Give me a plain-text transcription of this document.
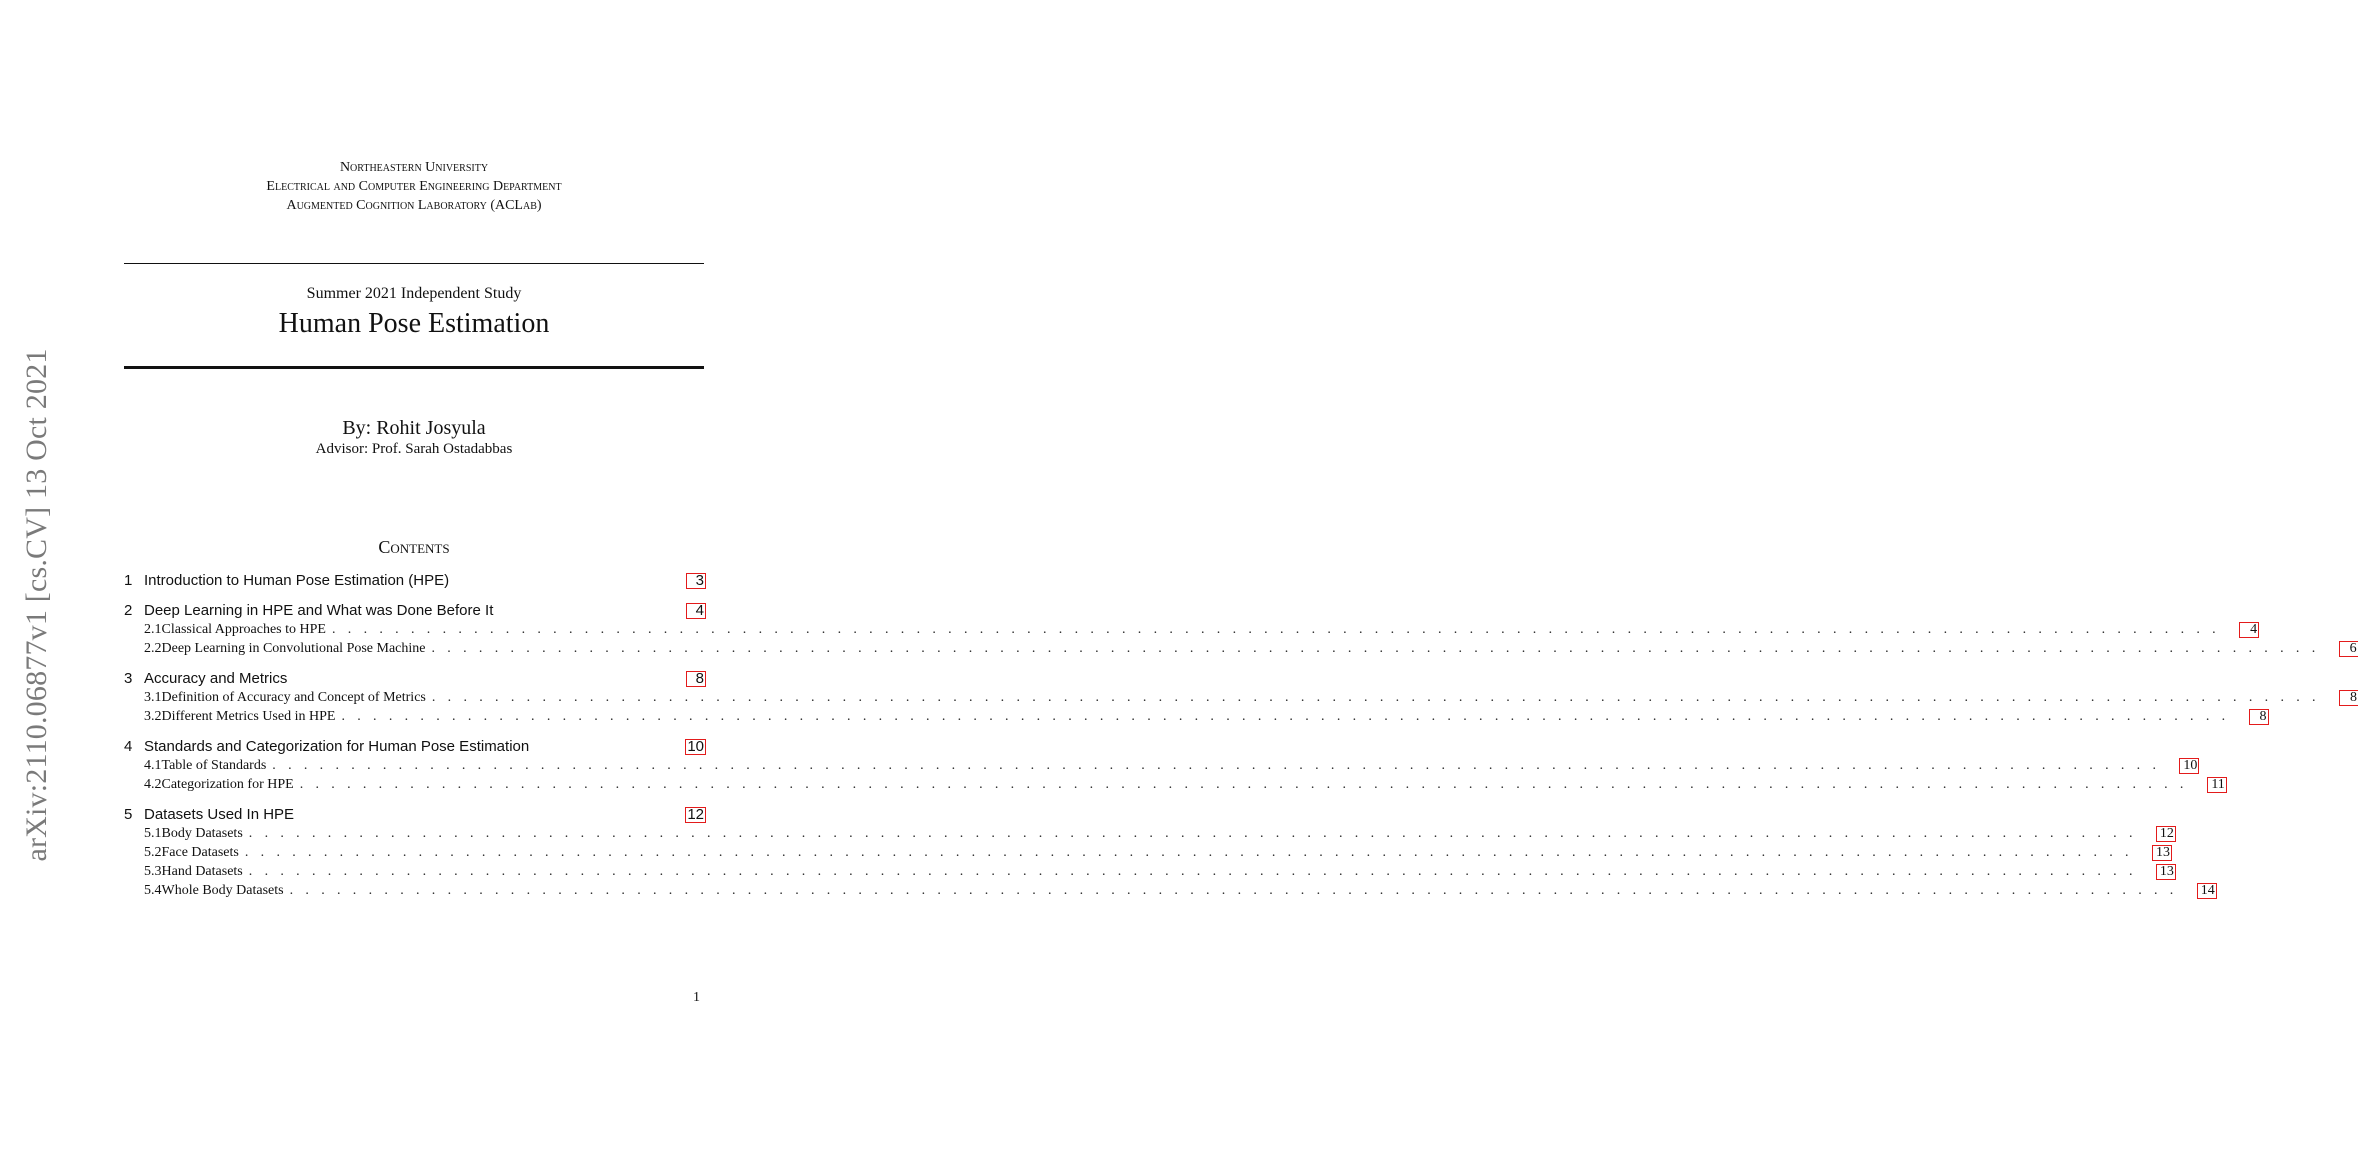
arXiv:2110.06877v1 [cs.CV] 13 Oct 2021
Northeastern University
Electrical and Computer Engineering Department
Augmented Cognition Laboratory (ACLab)
Summer 2021 Independent Study
Human Pose Estimation
By: Rohit Josyula
Advisor: Prof. Sarah Ostadabbas
Contents
1 Introduction to Human Pose Estimation (HPE)	3
2 Deep Learning in HPE and What was Done Before It	4
2.1 Classical Approaches to HPE . . . . . . . . . . . . . . . . . . . . . . . . . . . . . . . . . . . . . . . . . . . . . . . . . . . . . . . . . . . . . . . . . . . . . . . . . . . . . . . . . . . . . . . . . . . . . . . . . . . . . . . . . . . . . . . . . . . . . . . .	4
2.2 Deep Learning in Convolutional Pose Machine . . . . . . . . . . . . . . . . . . . . . . . . . . . . . . . . . . . . . . . . . . . . . . . . . . . . . . . . . . . . . . . . . . . . . . . . . . . . . . . . . . . . . . . . . . . . . . . . . . . . . . . . . . . . . . . . . . . . . . . .	6
3 Accuracy and Metrics	8
3.1 Definition of Accuracy and Concept of Metrics . . . . . . . . . . . . . . . . . . . . . . . . . . . . . . . . . . . . . . . . . . . . . . . . . . . . . . . . . . . . . . . . . . . . . . . . . . . . . . . . . . . . . . . . . . . . . . . . . . . . . . . . . . . . . . . . . . . . . . . .	8
3.2 Different Metrics Used in HPE . . . . . . . . . . . . . . . . . . . . . . . . . . . . . . . . . . . . . . . . . . . . . . . . . . . . . . . . . . . . . . . . . . . . . . . . . . . . . . . . . . . . . . . . . . . . . . . . . . . . . . . . . . . . . . . . . . . . . . . .	8
4 Standards and Categorization for Human Pose Estimation	10
4.1 Table of Standards . . . . . . . . . . . . . . . . . . . . . . . . . . . . . . . . . . . . . . . . . . . . . . . . . . . . . . . . . . . . . . . . . . . . . . . . . . . . . . . . . . . . . . . . . . . . . . . . . . . . . . . . . . . . . . . . . . . . . . . . 10
4.2 Categorization for HPE . . . . . . . . . . . . . . . . . . . . . . . . . . . . . . . . . . . . . . . . . . . . . . . . . . . . . . . . . . . . . . . . . . . . . . . . . . . . . . . . . . . . . . . . . . . . . . . . . . . . . . . . . . . . . . . . . . . . . . . . 11
5 Datasets Used In HPE	12
5.1 Body Datasets . . . . . . . . . . . . . . . . . . . . . . . . . . . . . . . . . . . . . . . . . . . . . . . . . . . . . . . . . . . . . . . . . . . . . . . . . . . . . . . . . . . . . . . . . . . . . . . . . . . . . . . . . . . . . . . . . . . . . . . . 12
5.2 Face Datasets . . . . . . . . . . . . . . . . . . . . . . . . . . . . . . . . . . . . . . . . . . . . . . . . . . . . . . . . . . . . . . . . . . . . . . . . . . . . . . . . . . . . . . . . . . . . . . . . . . . . . . . . . . . . . . . . . . . . . . . . 13
5.3 Hand Datasets . . . . . . . . . . . . . . . . . . . . . . . . . . . . . . . . . . . . . . . . . . . . . . . . . . . . . . . . . . . . . . . . . . . . . . . . . . . . . . . . . . . . . . . . . . . . . . . . . . . . . . . . . . . . . . . . . . . . . . . . 13
5.4 Whole Body Datasets . . . . . . . . . . . . . . . . . . . . . . . . . . . . . . . . . . . . . . . . . . . . . . . . . . . . . . . . . . . . . . . . . . . . . . . . . . . . . . . . . . . . . . . . . . . . . . . . . . . . . . . . . . . . . . . . . . . . . . . . 14
1
